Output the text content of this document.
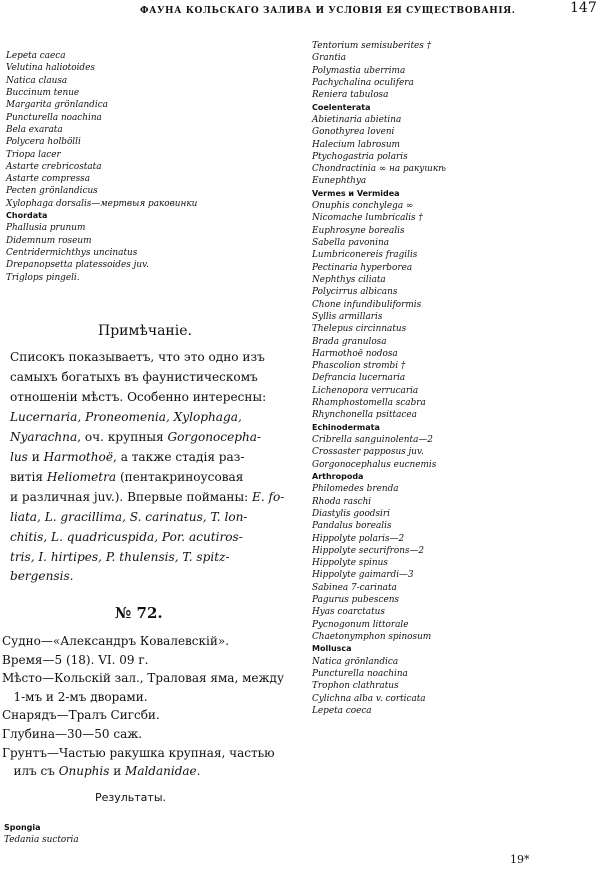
ФАУНА КОЛЬСКАГО ЗАЛИВА И УСЛОВІЯ ЕЯ СУЩЕСТВОВАНІЯ.	147
Lepeta caeca
Velutina haliotoides
Natica clausa
Buccinum tenue
Margarita grönlandica
Puncturella noachina
Bela exarata
Polycera holbölli
Triopa lacer
Astarte crebricostata
Astarte compressa
Pecten grönlandicus
Xylophaga dorsalis—мертвыя раковинки
Chordata
Phallusia prunum
Didemnum roseum
Centridermichthys uncinatus
Drepanopsetta platessoides juv.
Triglops pingeli.
Примѣчаніе.
Списокъ показываетъ, что это одно изъ
самыхъ богатыхъ въ фаунистическомъ
отношеніи мѣстъ. Особенно интересны:
Lucernaria, Proneomenia, Xylophaga,
Nyarachna, оч. крупныя Gorgonocepha-
lus и Harmothoë, а также стадія раз-
витія Heliometra (пентакриноусовая
и различная juv.). Впервые пойманы: E. fo-
liata, L. gracillima, S. carinatus, T. lon-
chitis, L. quadricuspida, Por. acutiros-
tris, I. hirtipes, P. thulensis, T. spitz-
bergensis.
№ 72.
Судно—«Александръ Ковалевскій».
Время—5 (18). VI. 09 г.
Мѣсто—Кольскій зал., Траловая яма, между
1-мъ и 2-мъ дворами.
Снарядъ—Тралъ Сигсби.
Глубина—30—50 саж.
Грунтъ—Частью ракушка крупная, частью
илъ съ Onuphis и Maldanidae.
Результаты.
Spongia
Tedania suctoria
Tentorium semisuberites †
Grantia
Polymastia uberrima
Pachychalina oculifera
Reniera tabulosa
Coelenterata
Abietinaria abietina
Gonothyrea loveni
Halecium labrosum
Ptychogastria polaris
Chondractinia ∞ на ракушкѣ
Eunephthya
Vermes и Vermidea
Onuphis conchylega ∞
Nicomache lumbricalis †
Euphrosyne borealis
Sabella pavonina
Lumbriconereis fragilis
Pectinaria hyperborea
Nephthys ciliata
Polycirrus albicans
Chone infundibuliformis
Syllis armillaris
Thelepus circinnatus
Brada granulosa
Harmothoë nodosa
Phascolion strombi †
Defrancia lucernaria
Lichenopora verrucaria
Rhamphostomella scabra
Rhynchonella psittacea
Echinodermata
Cribrella sanguinolenta—2
Crossaster papposus juv.
Gorgonocephalus eucnemis
Arthropoda
Philomedes brenda
Rhoda raschi
Diastylis goodsiri
Pandalus borealis
Hippolyte polaris—2
Hippolyte securifrons—2
Hippolyte spinus
Hippolyte gaimardi—3
Sabinea 7-carinata
Pagurus pubescens
Hyas coarctatus
Pycnogonum littorale
Chaetonymphon spinosum
Mollusca
Natica grönlandica
Puncturella noachina
Trophon clathratus
Cylichna alba v. corticata
Lepeta coeca
19*
